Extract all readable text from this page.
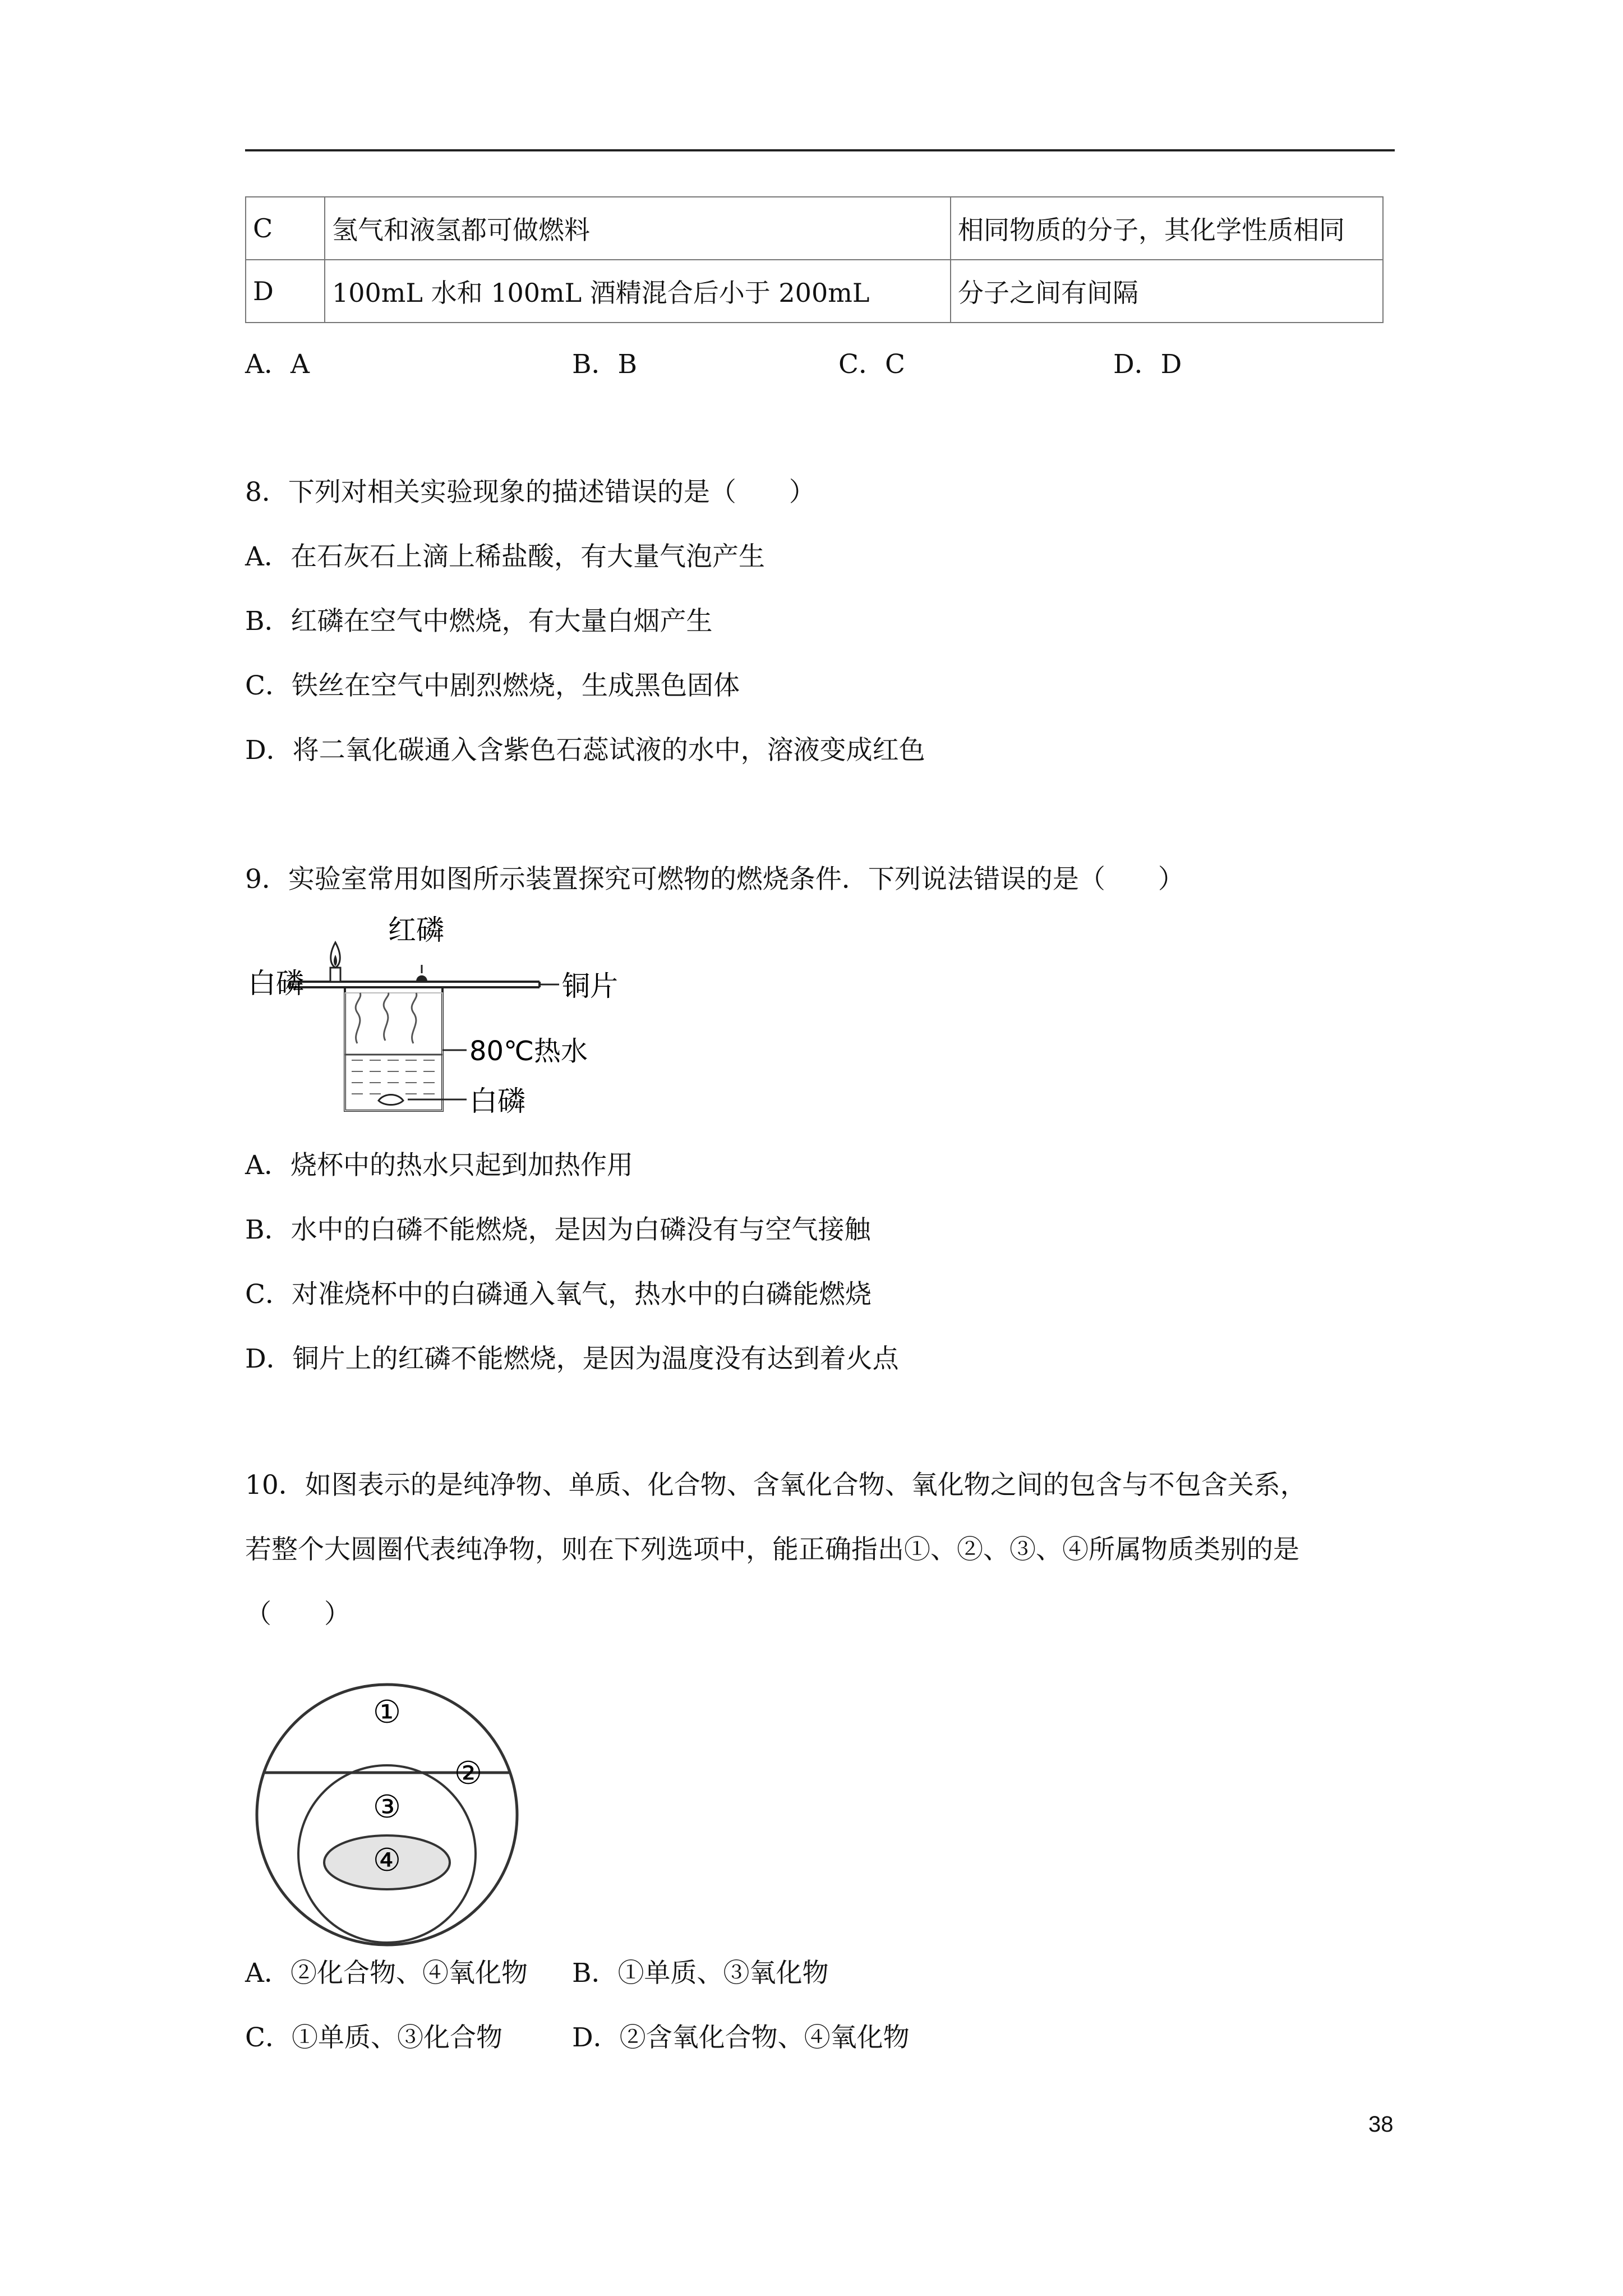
C	氢气和液氢都可做燃料	相同物质的分子，其化学性质相同
D	100mL 水和 100mL 酒精混合后小于 200mL	分子之间有间隔
A．A	B．B	C．C	D．D
8．下列对相关实验现象的描述错误的是（　　）
A．在石灰石上滴上稀盐酸，有大量气泡产生
B．红磷在空气中燃烧，有大量白烟产生
C．铁丝在空气中剧烈燃烧，生成黑色固体
D．将二氧化碳通入含紫色石蕊试液的水中，溶液变成红色
9．实验室常用如图所示装置探究可燃物的燃烧条件．下列说法错误的是（　　）
白磷
红磷
铜片
80℃热水
白磷
A．烧杯中的热水只起到加热作用
B．水中的白磷不能燃烧，是因为白磷没有与空气接触
C．对准烧杯中的白磷通入氧气，热水中的白磷能燃烧
D．铜片上的红磷不能燃烧，是因为温度没有达到着火点
10．如图表示的是纯净物、单质、化合物、含氧化合物、氧化物之间的包含与不包含关系，
若整个大圆圈代表纯净物，则在下列选项中，能正确指出①、②、③、④所属物质类别的是
（　　）
①
②
③
④
A．②化合物、④氧化物 B．①单质、③氧化物
C．①单质、③化合物	D．②含氧化合物、④氧化物
38
